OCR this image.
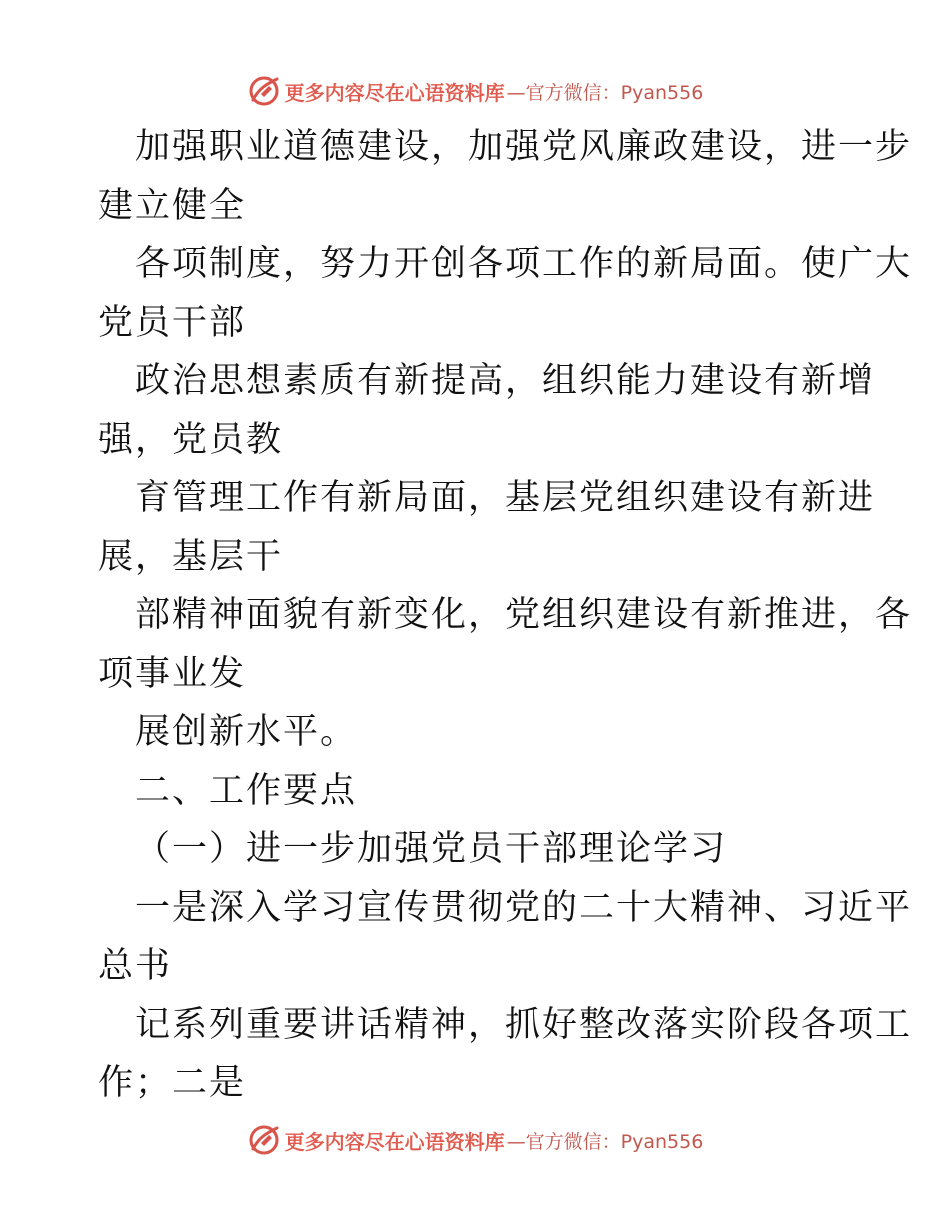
更多内容尽在心语资料库 —官方微信：Pyan556
加强职业道德建设，加强党风廉政建设，进一步
建立健全
各项制度，努力开创各项工作的新局面。使广大
党员干部
政治思想素质有新提高，组织能力建设有新增
强，党员教
育管理工作有新局面，基层党组织建设有新进
展，基层干
部精神面貌有新变化，党组织建设有新推进，各
项事业发
展创新水平。
二、工作要点
（一）进一步加强党员干部理论学习
一是深入学习宣传贯彻党的二十大精神、习近平
总书
记系列重要讲话精神，抓好整改落实阶段各项工
作；二是
更多内容尽在心语资料库 —官方微信：Pyan556
